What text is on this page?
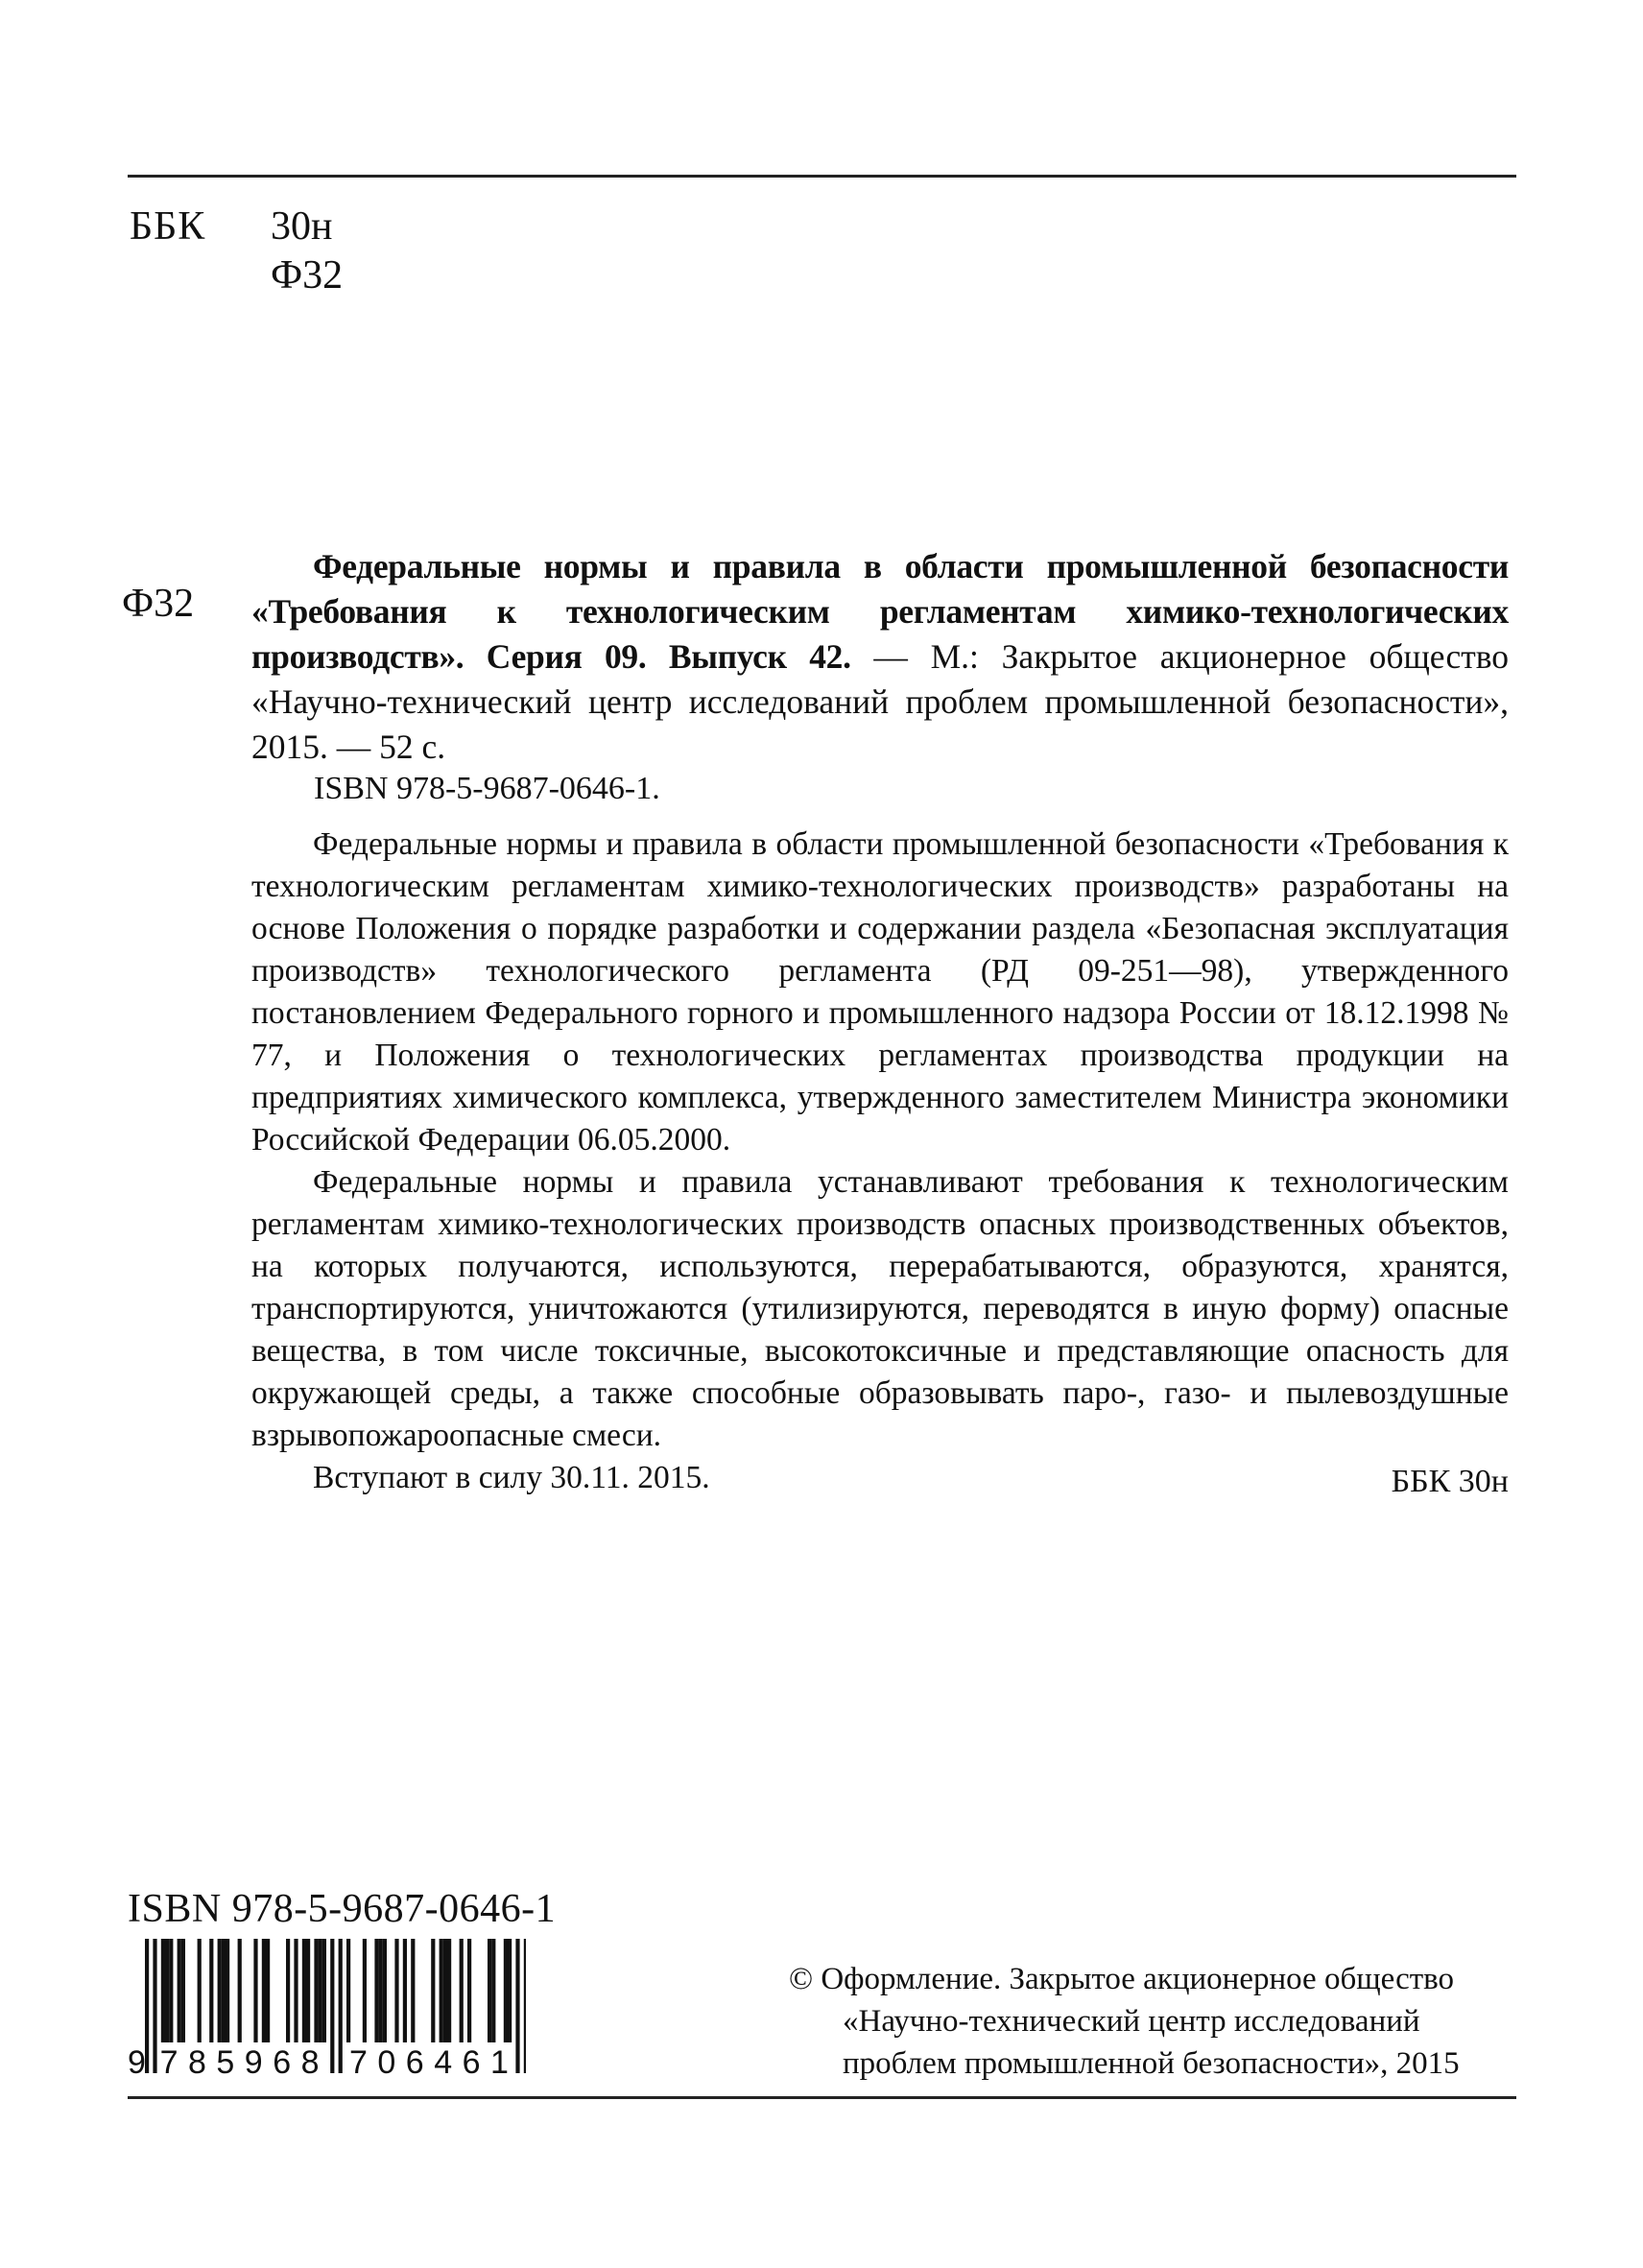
ББК 30н
Ф32
Ф32
Федеральные нормы и правила в области промышленной безопасности «Требования к технологическим регламентам химико-технологических производств». Серия 09. Выпуск 42. — М.: Закрытое акционерное общество «Научно-технический центр исследований проблем промышленной безопасности», 2015. — 52 с.
ISBN 978-5-9687-0646-1.

Федеральные нормы и правила в области промышленной безопасности «Требования к технологическим регламентам химико-технологических производств» разработаны на основе Положения о порядке разработки и содержании раздела «Безопасная эксплуатация производств» технологического регламента (РД 09-251—98), утвержденного постановлением Федерального горного и промышленного надзора России от 18.12.1998 № 77, и Положения о технологических регламентах производства продукции на предприятиях химического комплекса, утвержденного заместителем Министра экономики Российской Федерации 06.05.2000.

Федеральные нормы и правила устанавливают требования к технологическим регламентам химико-технологических производств опасных производственных объектов, на которых получаются, используются, перерабатываются, образуются, хранятся, транспортируются, уничтожаются (утилизируются, переводятся в иную форму) опасные вещества, в том числе токсичные, высокотоксичные и представляющие опасность для окружающей среды, а также способные образовывать паро-, газо- и пылевоздушные взрывопожароопасные смеси.

Вступают в силу 30.11. 2015.	ББК 30н
ISBN 978-5-9687-0646-1
9 7 8 5 9 6 8 7 0 6 4 6 1
© Оформление. Закрытое акционерное общество
«Научно-технический центр исследований
проблем промышленной безопасности», 2015
